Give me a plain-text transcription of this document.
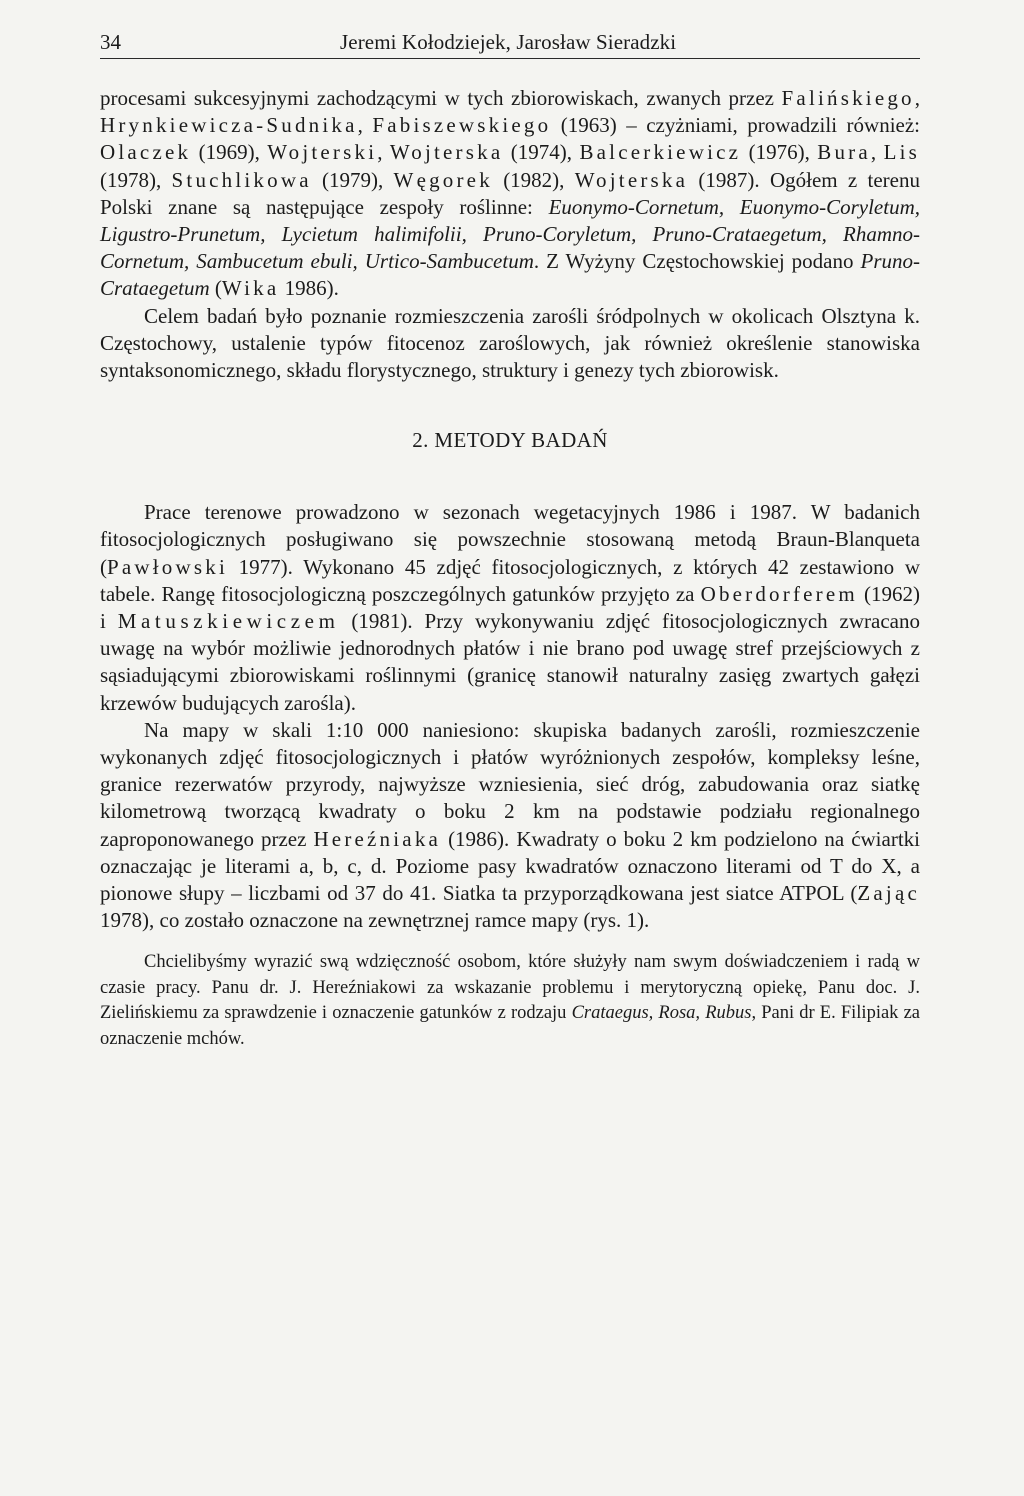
34	Jeremi Kołodziejek, Jarosław Sieradzki

procesami sukcesyjnymi zachodzącymi w tych zbiorowiskach, zwanych przez Falińskiego, Hrynkiewicza-Sudnika, Fabiszewskiego (1963) – czyżniami, prowadzili również: Olaczek (1969), Wojterski, Wojterska (1974), Balcerkiewicz (1976), Bura, Lis (1978), Stuchlikowa (1979), Węgorek (1982), Wojterska (1987). Ogółem z terenu Polski znane są następujące zespoły roślinne: Euonymo-Cornetum, Euonymo-Coryletum, Ligustro-Prunetum, Lycietum halimifolii, Pruno-Coryletum, Pruno-Crataegetum, Rhamno-Cornetum, Sambucetum ebuli, Urtico-Sambucetum. Z Wyżyny Częstochowskiej podano Pruno-Crataegetum (Wika 1986).

Celem badań było poznanie rozmieszczenia zarośli śródpolnych w okolicach Olsztyna k. Częstochowy, ustalenie typów fitocenoz zaroślowych, jak również określenie stanowiska syntaksonomicznego, składu florystycznego, struktury i genezy tych zbiorowisk.

2. METODY BADAŃ

Prace terenowe prowadzono w sezonach wegetacyjnych 1986 i 1987. W badanich fitosocjologicznych posługiwano się powszechnie stosowaną metodą Braun-Blanqueta (Pawłowski 1977). Wykonano 45 zdjęć fitosocjologicznych, z których 42 zestawiono w tabele. Rangę fitosocjologiczną poszczególnych gatunków przyjęto za Oberdorferem (1962) i Matuszkiewiczem (1981). Przy wykonywaniu zdjęć fitosocjologicznych zwracano uwagę na wybór możliwie jednorodnych płatów i nie brano pod uwagę stref przejściowych z sąsiadującymi zbiorowiskami roślinnymi (granicę stanowił naturalny zasięg zwartych gałęzi krzewów budujących zarośla).

Na mapy w skali 1:10 000 naniesiono: skupiska badanych zarośli, rozmieszczenie wykonanych zdjęć fitosocjologicznych i płatów wyróżnionych zespołów, kompleksy leśne, granice rezerwatów przyrody, najwyższe wzniesienia, sieć dróg, zabudowania oraz siatkę kilometrową tworzącą kwadraty o boku 2 km na podstawie podziału regionalnego zaproponowanego przez Hereźniaka (1986). Kwadraty o boku 2 km podzielono na ćwiartki oznaczając je literami a, b, c, d. Poziome pasy kwadratów oznaczono literami od T do X, a pionowe słupy – liczbami od 37 do 41. Siatka ta przyporządkowana jest siatce ATPOL (Zając 1978), co zostało oznaczone na zewnętrznej ramce mapy (rys. 1).

Chcielibyśmy wyrazić swą wdzięczność osobom, które służyły nam swym doświadczeniem i radą w czasie pracy. Panu dr. J. Hereźniakowi za wskazanie problemu i merytoryczną opiekę, Panu doc. J. Zielińskiemu za sprawdzenie i oznaczenie gatunków z rodzaju Crataegus, Rosa, Rubus, Pani dr E. Filipiak za oznaczenie mchów.
